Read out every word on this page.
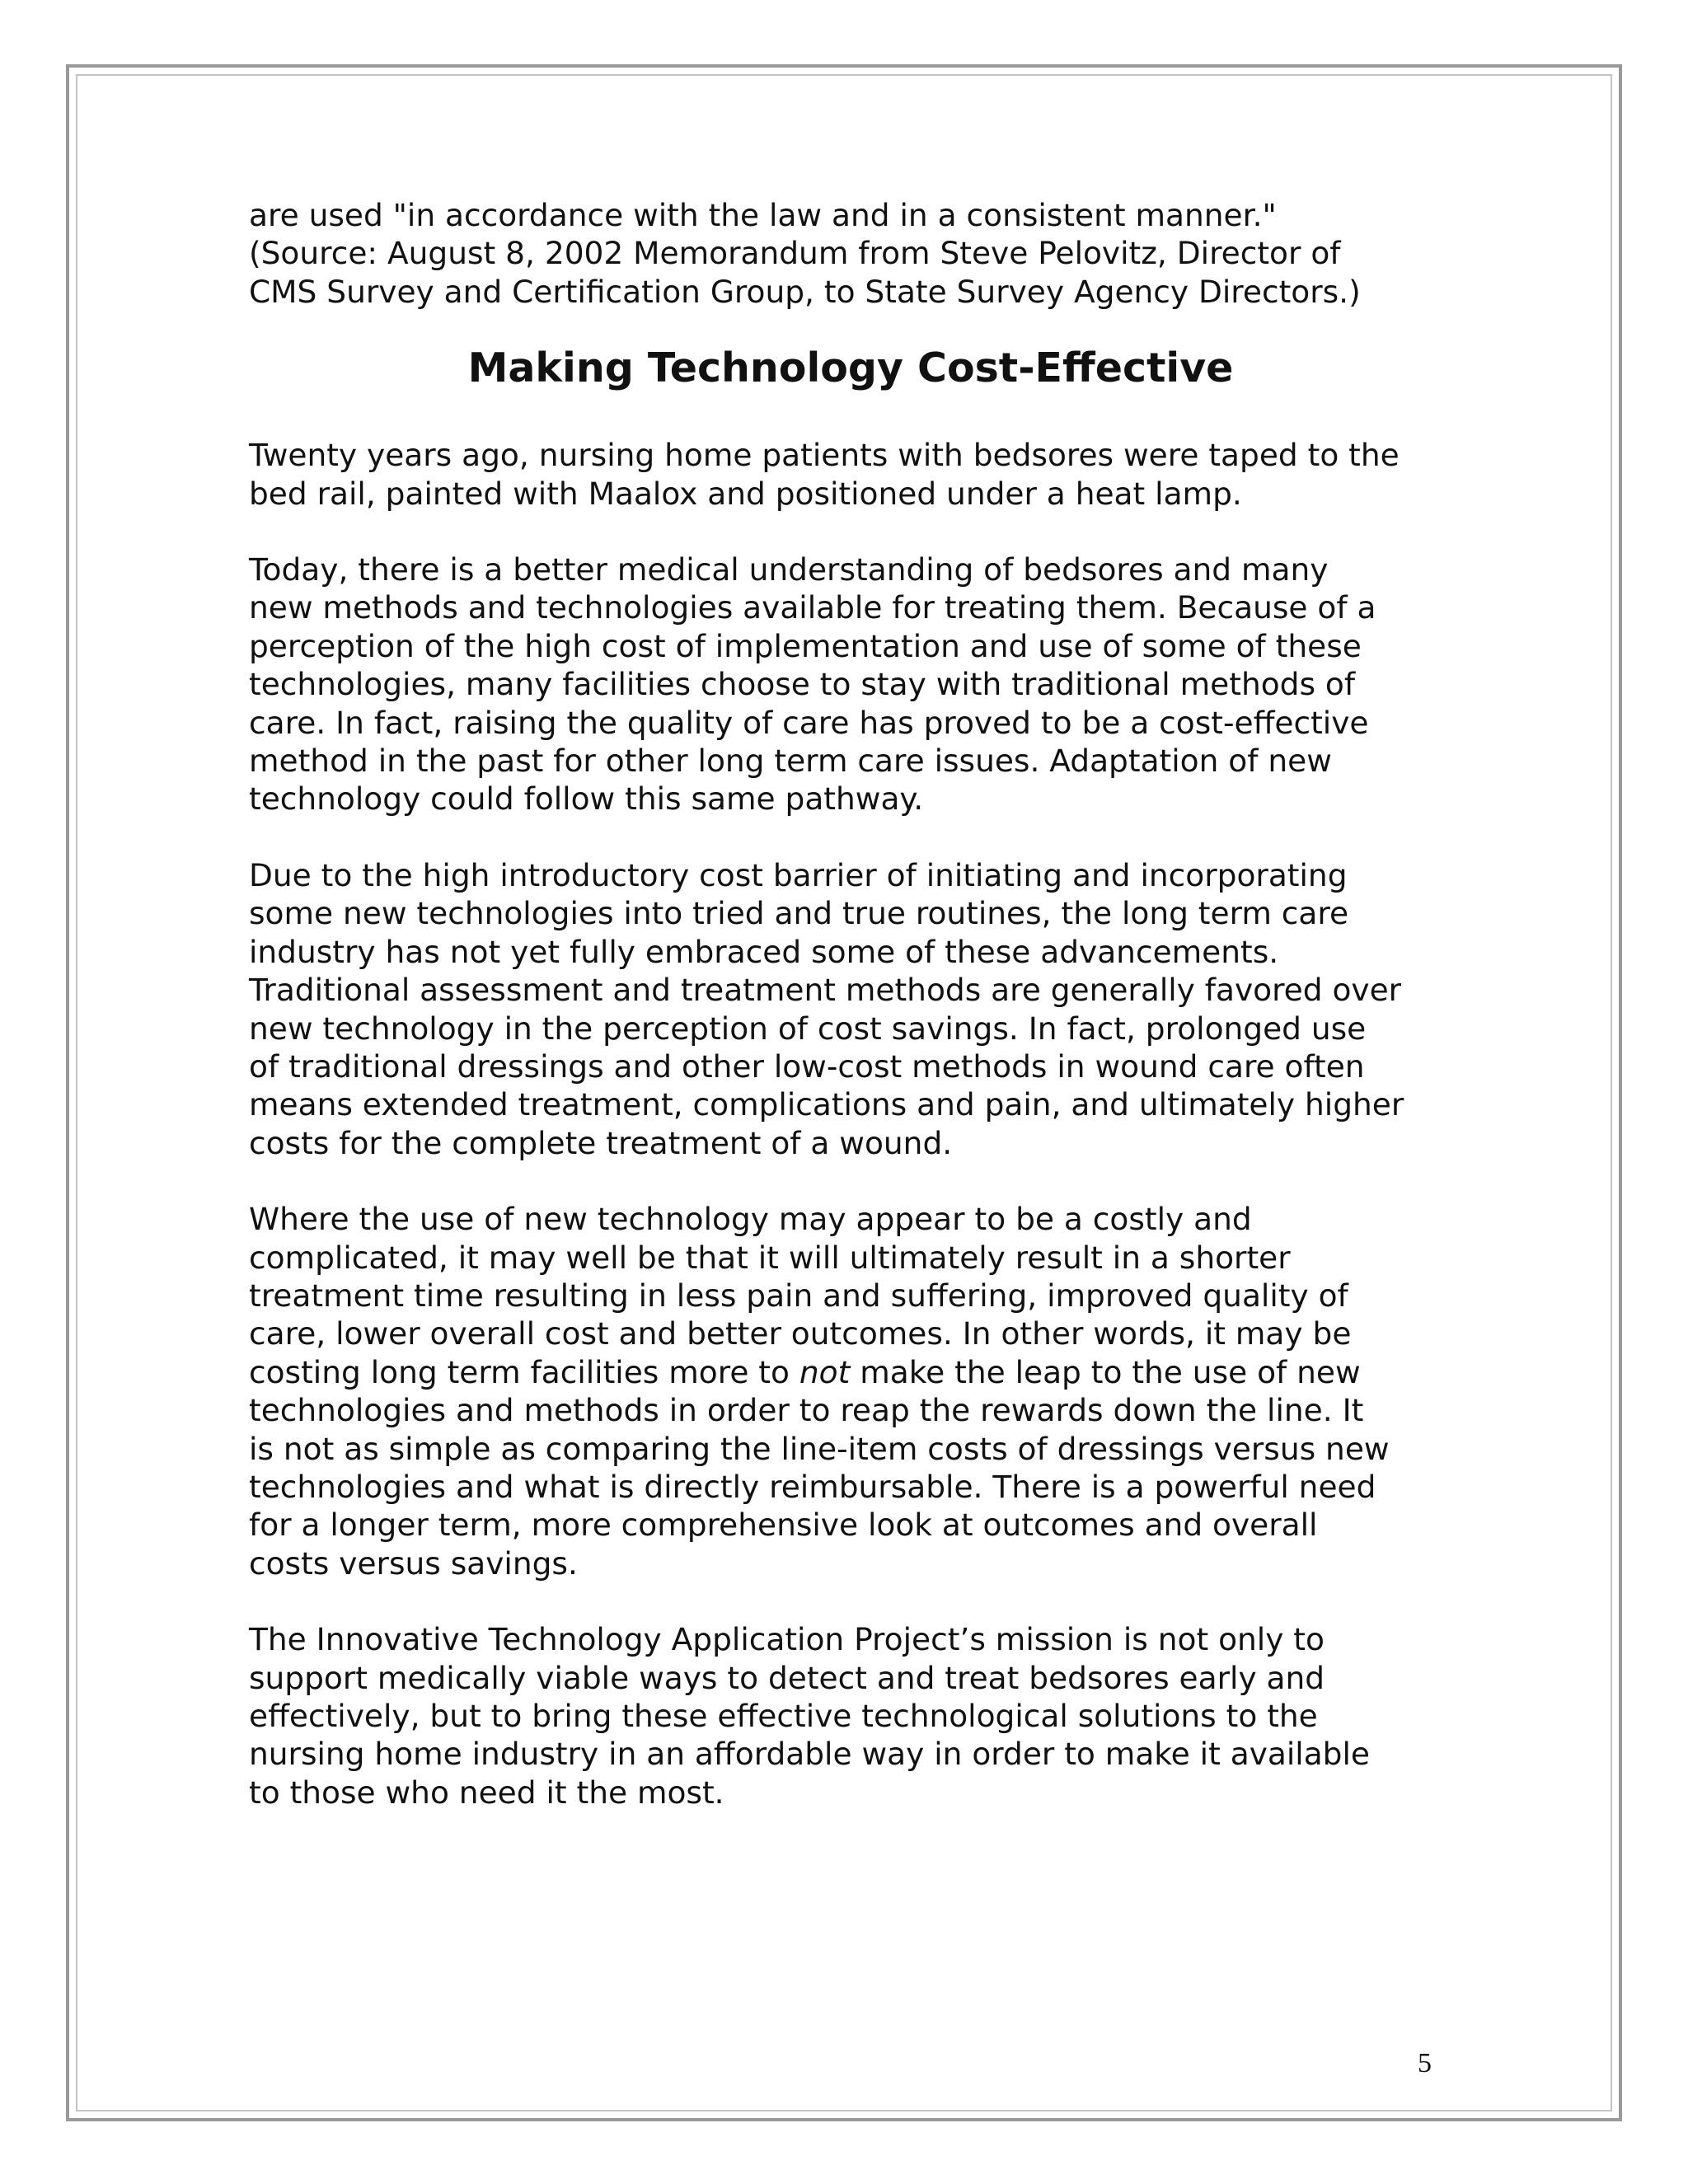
are used "in accordance with the law and in a consistent manner."
(Source: August 8, 2002 Memorandum from Steve Pelovitz, Director of
CMS Survey and Certification Group, to State Survey Agency Directors.)

Making Technology Cost-Effective

Twenty years ago, nursing home patients with bedsores were taped to the
bed rail, painted with Maalox and positioned under a heat lamp.

Today, there is a better medical understanding of bedsores and many
new methods and technologies available for treating them. Because of a
perception of the high cost of implementation and use of some of these
technologies, many facilities choose to stay with traditional methods of
care. In fact, raising the quality of care has proved to be a cost-effective
method in the past for other long term care issues. Adaptation of new
technology could follow this same pathway.

Due to the high introductory cost barrier of initiating and incorporating
some new technologies into tried and true routines, the long term care
industry has not yet fully embraced some of these advancements.
Traditional assessment and treatment methods are generally favored over
new technology in the perception of cost savings. In fact, prolonged use
of traditional dressings and other low-cost methods in wound care often
means extended treatment, complications and pain, and ultimately higher
costs for the complete treatment of a wound.

Where the use of new technology may appear to be a costly and
complicated, it may well be that it will ultimately result in a shorter
treatment time resulting in less pain and suffering, improved quality of
care, lower overall cost and better outcomes. In other words, it may be
costing long term facilities more to not make the leap to the use of new
technologies and methods in order to reap the rewards down the line. It
is not as simple as comparing the line-item costs of dressings versus new
technologies and what is directly reimbursable. There is a powerful need
for a longer term, more comprehensive look at outcomes and overall
costs versus savings.

The Innovative Technology Application Project’s mission is not only to
support medically viable ways to detect and treat bedsores early and
effectively, but to bring these effective technological solutions to the
nursing home industry in an affordable way in order to make it available
to those who need it the most.

5
